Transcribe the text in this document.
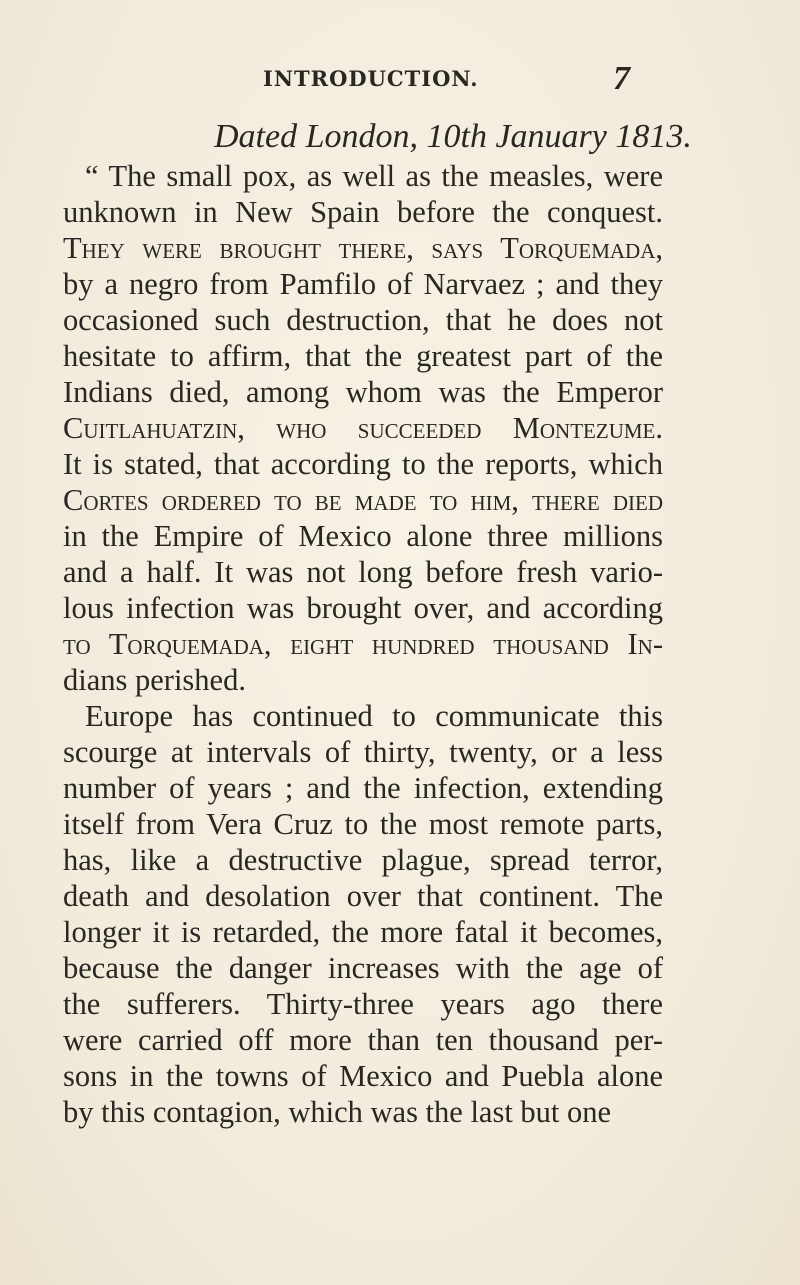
INTRODUCTION.	7
Dated London, 10th January 1813.
“ The small pox, as well as the measles, were
unknown in New Spain before the conquest.
They were brought there, says Torquemada,
by a negro from Pamfilo of Narvaez ; and they
occasioned such destruction, that he does not
hesitate to affirm, that the greatest part of the
Indians died, among whom was the Emperor
Cuitlahuatzin, who succeeded Montezume.
It is stated, that according to the reports, which
Cortes ordered to be made to him, there died
in the Empire of Mexico alone three millions
and a half. It was not long before fresh vario-
lous infection was brought over, and according
to Torquemada, eight hundred thousand In-
dians perished.
Europe has continued to communicate this
scourge at intervals of thirty, twenty, or a less
number of years ; and the infection, extending
itself from Vera Cruz to the most remote parts,
has, like a destructive plague, spread terror,
death and desolation over that continent. The
longer it is retarded, the more fatal it becomes,
because the danger increases with the age of
the sufferers. Thirty-three years ago there
were carried off more than ten thousand per-
sons in the towns of Mexico and Puebla alone
by this contagion, which was the last but one
